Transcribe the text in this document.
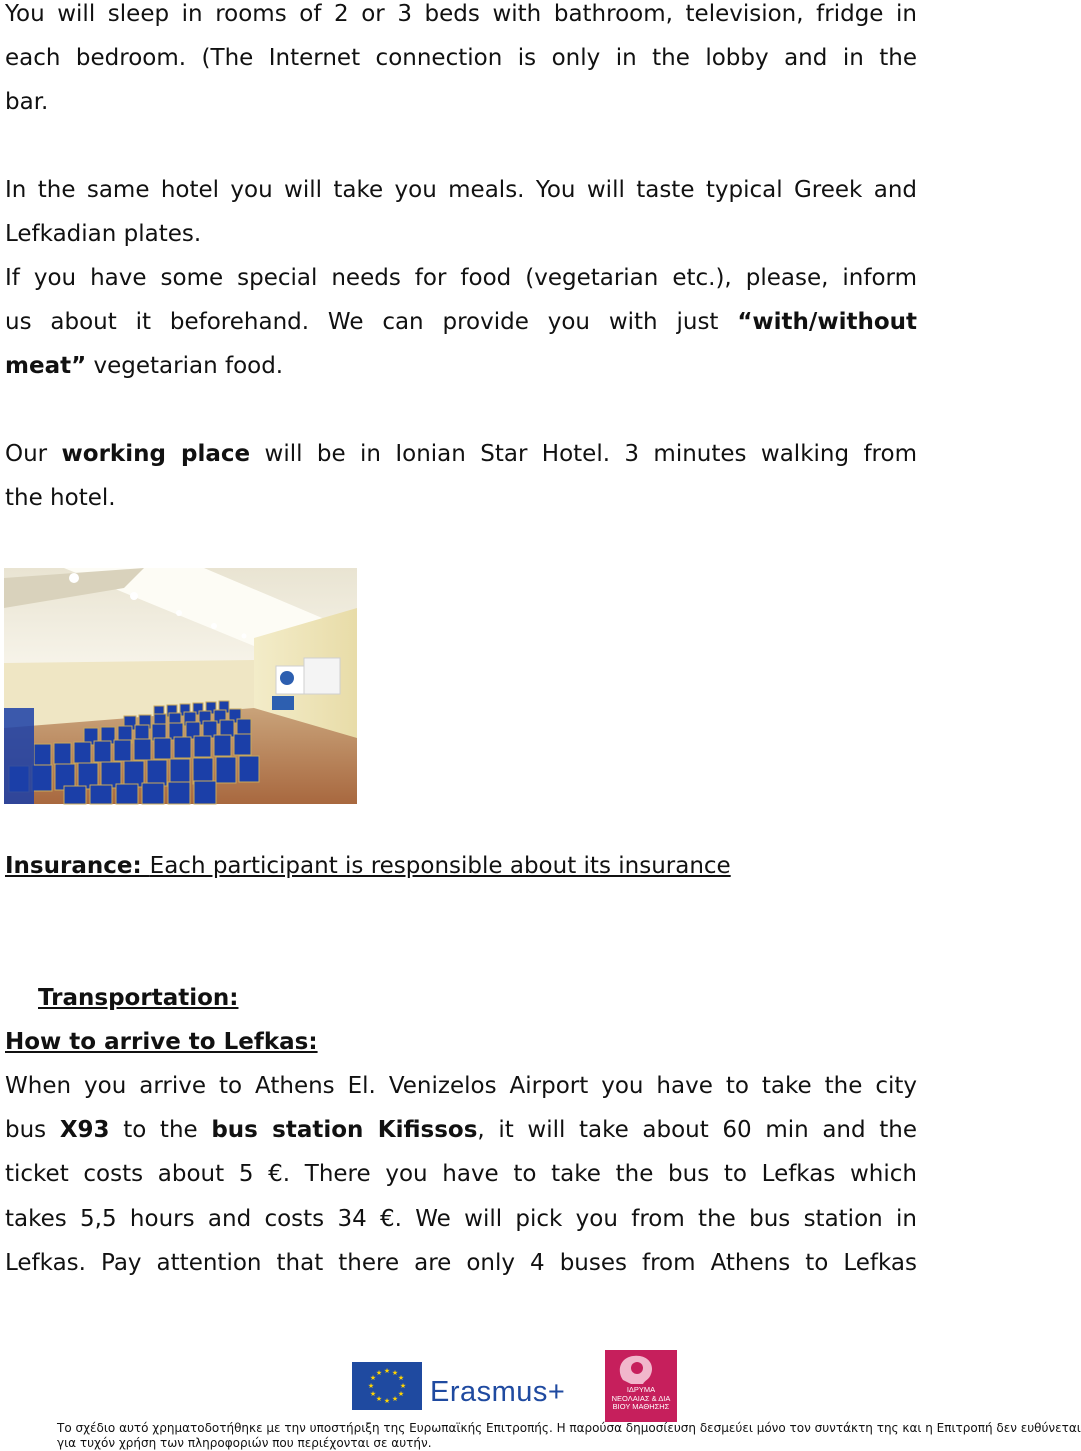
You will sleep in rooms of 2 or 3 beds with bathroom, television, fridge in
each bedroom. (The Internet connection is only in the lobby and in the
bar.
In the same hotel you will take you meals. You will taste typical Greek and
Lefkadian plates.
If you have some special needs for food (vegetarian etc.), please, inform
us about it beforehand. We can provide you with just “with/without
meat” vegetarian food.
Our working place will be in Ionian Star Hotel. 3 minutes walking from
the hotel.
Insurance: Each participant is responsible about its insurance
Transportation:
How to arrive to Lefkas:
When you arrive to Athens El. Venizelos Airport you have to take the city
bus X93 to the bus station Kifissos, it will take about 60 min and the
ticket costs about 5 €. There you have to take the bus to Lefkas which
takes 5,5 hours and costs 34 €. We will pick you from the bus station in
Lefkas. Pay attention that there are only 4 buses from Athens to Lefkas
★ ★
★
★
★
★
★
★
★
★
★
★
Erasmus+	ΙΔΡΥΜΑ ΝΕΟΛΑΙΑΣ & ΔΙΑ ΒΙΟΥ ΜΑΘΗΣΗΣ
Το σχέδιο αυτό χρηματοδοτήθηκε με την υποστήριξη της Ευρωπαϊκής Επιτροπής. Η παρούσα δημοσίευση δεσμεύει μόνο τον συντάκτη της και η Επιτροπή δεν ευθύνεται
για τυχόν χρήση των πληροφοριών που περιέχονται σε αυτήν.
